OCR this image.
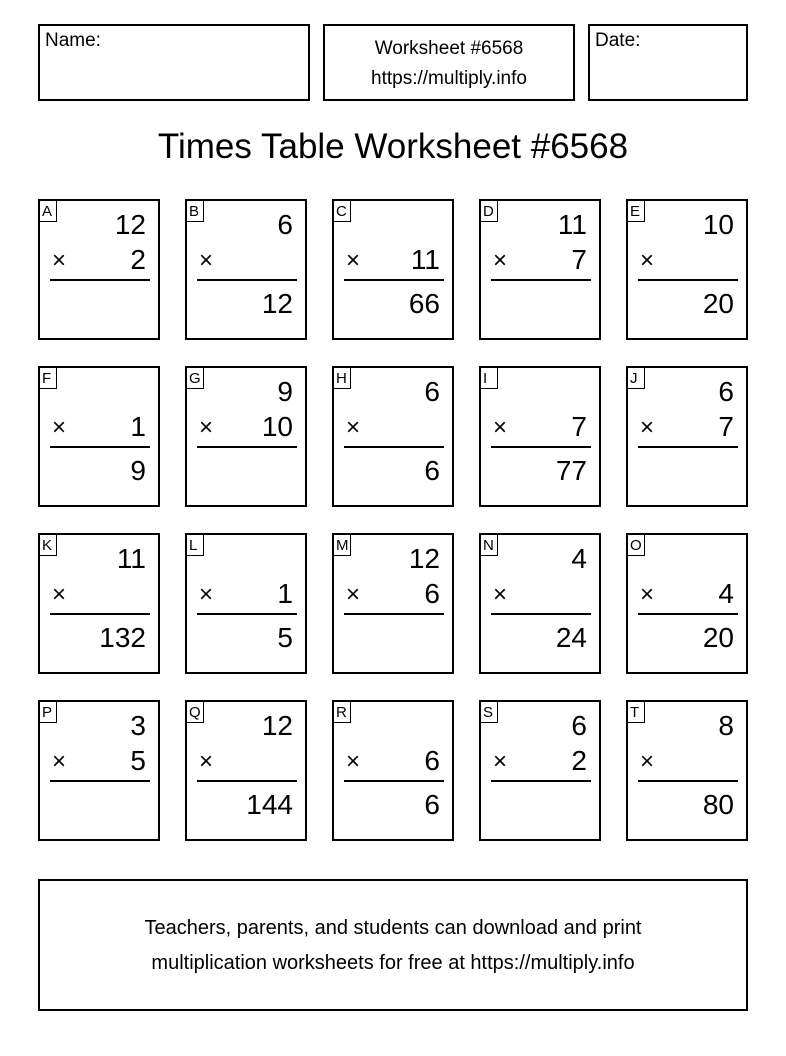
Name:	Worksheet #6568
https://multiply.info
Date:
Times Table Worksheet #6568
A 12
× 2
B	6
×
12
C
× 11
66
D 11
× 7
E 10
×
20
F
× 1
9
G	9
× 10
H	6
×
6
I
× 7
77
J	6
× 7
K 11
×
132
L
× 1
5
M 12
× 6
N	4
×
24
O
× 4
20
P	3
× 5
Q 12
×
144
R
× 6
6
S	6
× 2
T	8
×
80
Teachers, parents, and students can download and print
multiplication worksheets for free at https://multiply.info
